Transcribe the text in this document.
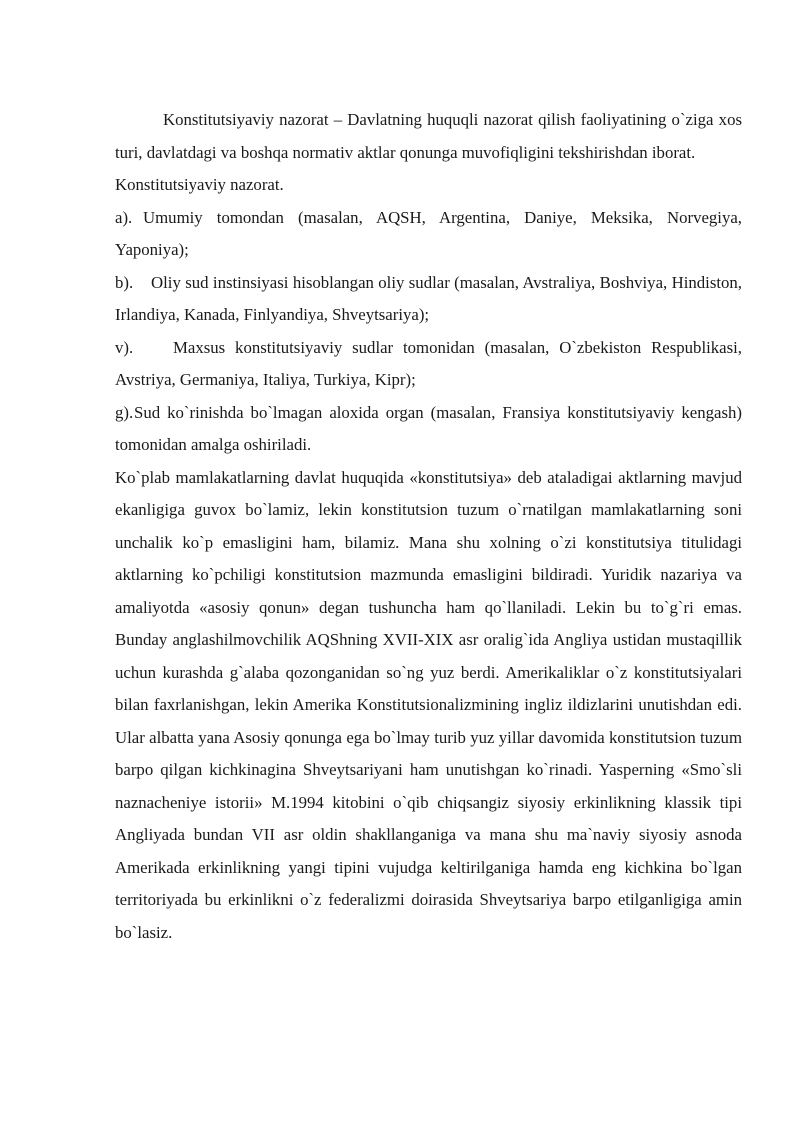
Konstitutsiyaviy nazorat – Davlatning huquqli nazorat qilish faoliyatining o`ziga xos turi, davlatdagi va boshqa normativ aktlar qonunga muvofiqligini tekshirishdan iborat.

Konstitutsiyaviy nazorat.

a). Umumiy tomondan (masalan, AQSH, Argentina, Daniye, Meksika, Norvegiya, Yaponiya);

b). Oliy sud instinsiyasi hisoblangan oliy sudlar (masalan, Avstraliya, Boshviya, Hindiston, Irlandiya, Kanada, Finlyandiya, Shveytsariya);

v). Maxsus konstitutsiyaviy sudlar tomonidan (masalan, O`zbekiston Respublikasi, Avstriya, Germaniya, Italiya, Turkiya, Kipr);

g).Sud ko`rinishda bo`lmagan aloxida organ (masalan, Fransiya konstitutsiyaviy kengash) tomonidan amalga oshiriladi.

Ko`plab mamlakatlarning davlat huquqida «konstitutsiya» deb ataladigai aktlarning mavjud ekanligiga guvox bo`lamiz, lekin konstitutsion tuzum o`rnatilgan mamlakatlarning soni unchalik ko`p emasligini ham, bilamiz. Mana shu xolning o`zi konstitutsiya titulidagi aktlarning ko`pchiligi konstitutsion mazmunda emasligini bildiradi. Yuridik nazariya va amaliyotda «asosiy qonun» degan tushuncha ham qo`llaniladi. Lekin bu to`g`ri emas. Bunday anglashilmovchilik AQShning XVII-XIX asr oralig`ida Angliya ustidan mustaqillik uchun kurashda g`alaba qozonganidan so`ng yuz berdi. Amerikaliklar o`z konstitutsiyalari bilan faxrlanishgan, lekin Amerika Konstitutsionalizmining ingliz ildizlarini unutishdan edi. Ular albatta yana Asosiy qonunga ega bo`lmay turib yuz yillar davomida konstitutsion tuzum barpo qilgan kichkinagina Shveytsariyani ham unutishgan ko`rinadi. Yasperning «Smo`sli naznacheniye istorii» M.1994 kitobini o`qib chiqsangiz siyosiy erkinlikning klassik tipi Angliyada bundan VII asr oldin shakllanganiga va mana shu ma`naviy siyosiy asnoda Amerikada erkinlikning yangi tipini vujudga keltirilganiga hamda eng kichkina bo`lgan territoriyada bu erkinlikni o`z federalizmi doirasida Shveytsariya barpo etilganligiga amin bo`lasiz.
